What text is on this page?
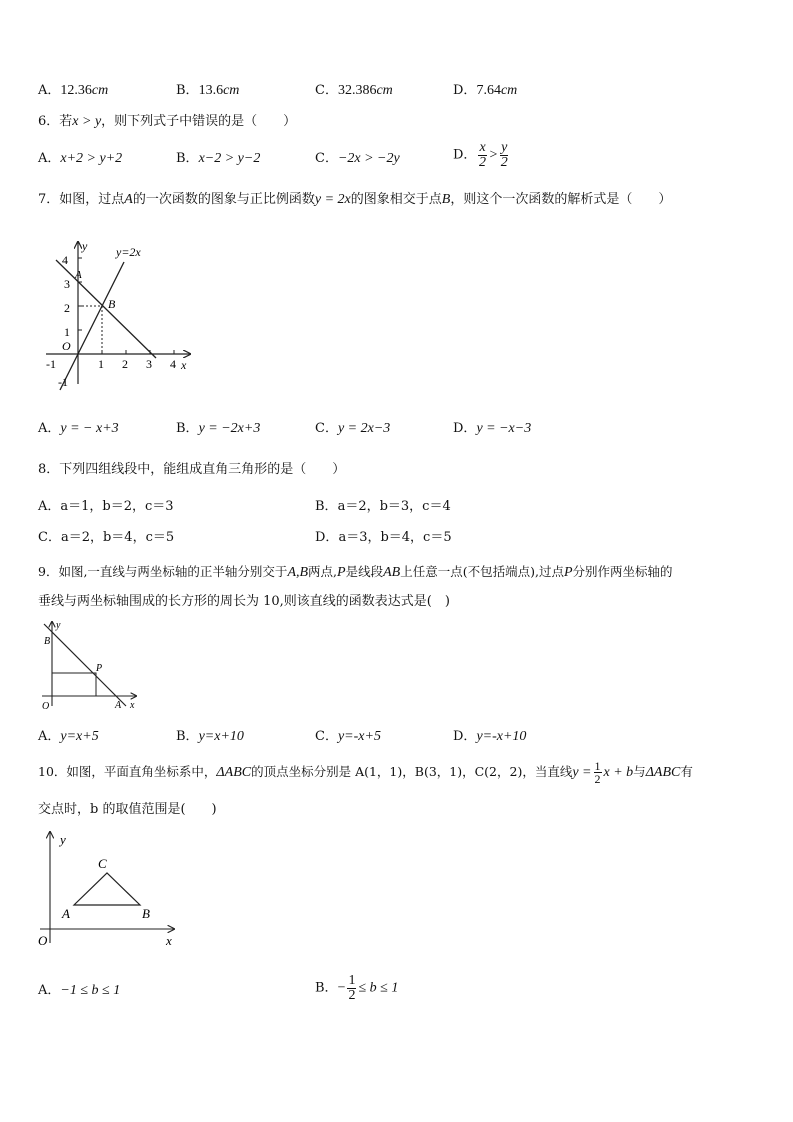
A．12.36cm	B．13.6cm	C．32.386cm	D．7.64cm
6．若x > y，则下列式子中错误的是（　　）
A．x+2 > y+2	B．x−2 > y−2	C．−2x > −2y	D． $\frac{x}{2} > \frac{y}{2}$
7．如图，过点A的一次函数的图象与正比例函数y = 2x的图象相交于点B，则这个一次函数的解析式是（　　）
y=2x
y
x
O
-1	1 2 3 4
-1
1
2
3
4
A
B
A．y = − x+3	B．y = −2x+3	C．y = 2x−3	D．y = −x−3
8．下列四组线段中，能组成直角三角形的是（　　）
A．a＝1，b＝2，c＝3	B．a＝2，b＝3，c＝4
C．a＝2，b＝4，c＝5	D．a＝3，b＝4，c＝5
9．如图,一直线与两坐标轴的正半轴分别交于A,B两点,P是线段AB上任意一点(不包括端点),过点P分别作两坐标轴的
垂线与两坐标轴围成的长方形的周长为 10,则该直线的函数表达式是(　)
y
x
O
B
A
P
A．y=x+5	B．y=x+10	C．y=-x+5	D．y=-x+10
10．如图，平面直角坐标系中，ΔABC的顶点坐标分别是 A(1，1)，B(3，1)，C(2，2)，当直线$y = \frac{1}{2}$ x + b与ΔABC有
交点时，b 的取值范围是(　　)
y
x
O
A	B
C
A．−1 ≤ b ≤ 1	B．− $\frac{1}{2} \le b \le 1$
